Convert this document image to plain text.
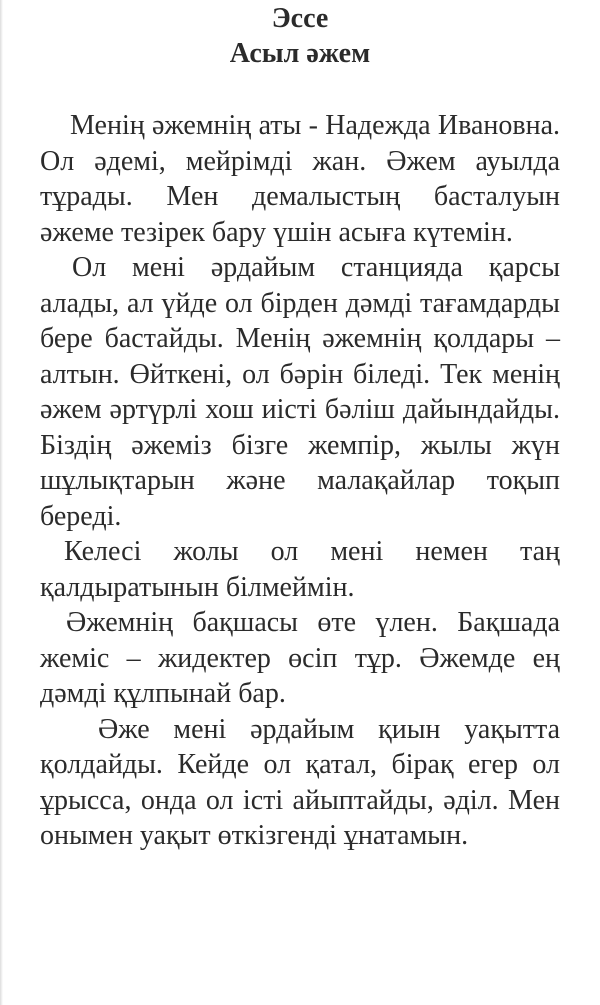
Эссе
Асыл әжем

Менің әжемнің аты - Надежда Ивановна. Ол әдемі, мейрімді жан. Әжем ауылда тұрады. Мен демалыстың басталуын әжеме тезірек бару үшін асыға күтемін.

Ол мені әрдайым станцияда қарсы алады, ал үйде ол бірден дәмді тағамдарды бере бастайды. Менің әжемнің қолдары – алтын. Өйткені, ол бәрін біледі. Тек менің әжем әртүрлі хош иісті бәліш дайындайды. Біздің әжеміз бізге жемпір, жылы жүн шұлықтарын және малақайлар тоқып береді.

Келесі жолы ол мені немен таң қалдыратынын білмеймін.

Әжемнің бақшасы өте үлен. Бақшада жеміс – жидектер өсіп тұр. Әжемде ең дәмді құлпынай бар.

Әже мені әрдайым қиын уақытта қолдайды. Кейде ол қатал, бірақ егер ол ұрысса, онда ол істі айыптайды, әділ. Мен онымен уақыт өткізгенді ұнатамын.
